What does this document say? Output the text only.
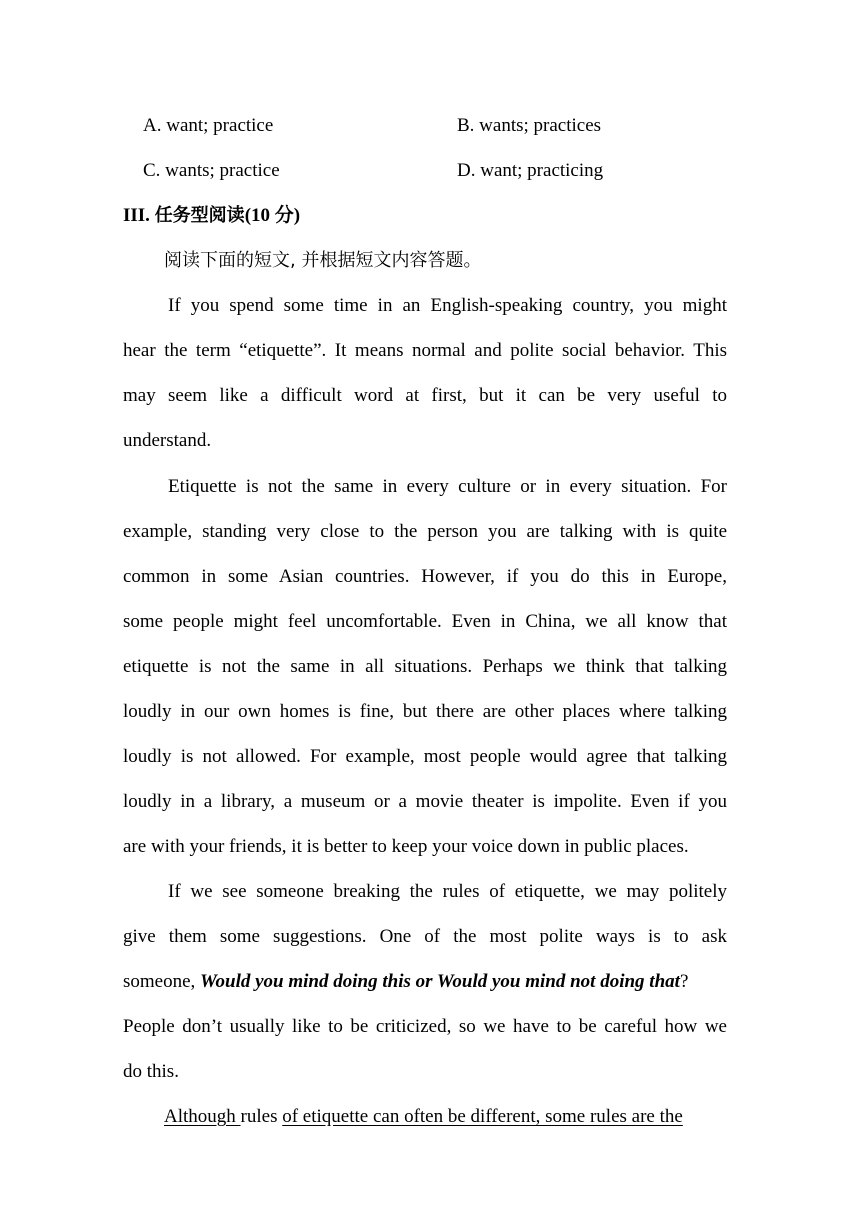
A. want; practice	B. wants; practices
C. wants; practice	D. want; practicing
III. 任务型阅读(10 分)
阅读下面的短文, 并根据短文内容答题。
If you spend some time in an English-speaking country, you might
hear the term “etiquette”. It means normal and polite social behavior. This
may seem like a difficult word at first, but it can be very useful to
understand.
Etiquette is not the same in every culture or in every situation. For
example, standing very close to the person you are talking with is quite
common in some Asian countries. However, if you do this in Europe,
some people might feel uncomfortable. Even in China, we all know that
etiquette is not the same in all situations. Perhaps we think that talking
loudly in our own homes is fine, but there are other places where talking
loudly is not allowed. For example, most people would agree that talking
loudly in a library, a museum or a movie theater is impolite. Even if you
are with your friends, it is better to keep your voice down in public places.
If we see someone breaking the rules of etiquette, we may politely
give them some suggestions. One of the most polite ways is to ask
someone, Would you mind doing this or Would you mind not doing that?
People don’t usually like to be criticized, so we have to be careful how we
do this.
Although rules of etiquette can often be different, some rules are the
